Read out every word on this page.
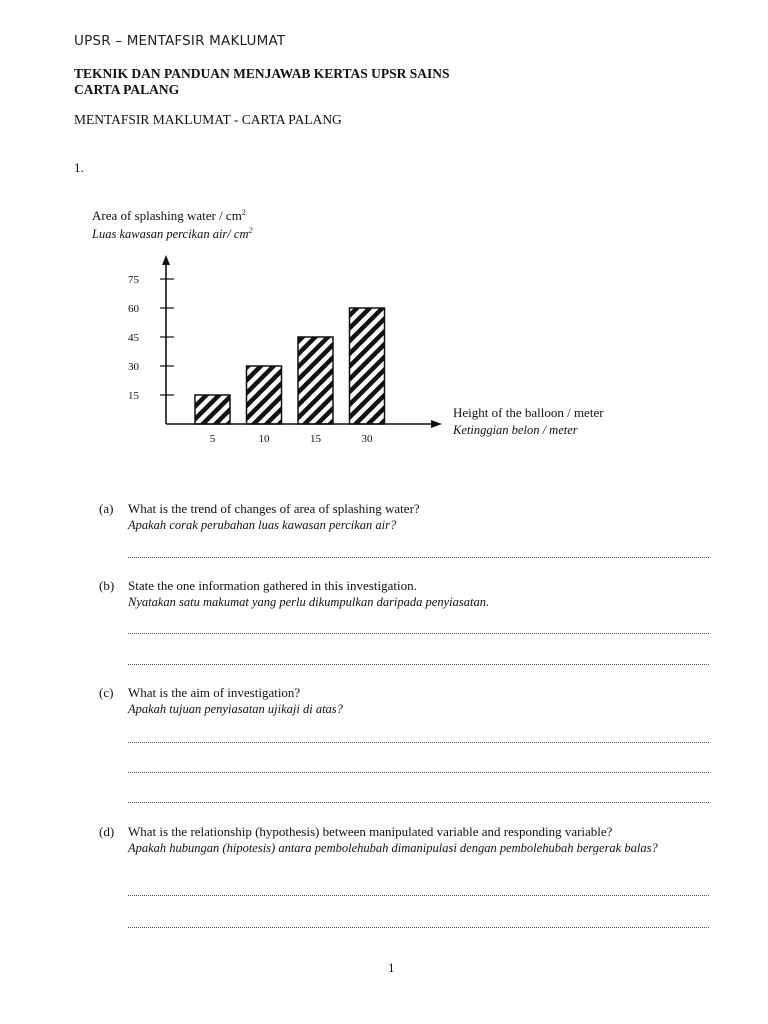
UPSR – MENTAFSIR MAKLUMAT
TEKNIK DAN PANDUAN MENJAWAB KERTAS UPSR SAINS
CARTA PALANG
MENTAFSIR MAKLUMAT - CARTA PALANG
1.
Area of splashing water / $cm^2$
Luas kawasan percikan air/ $cm^2$
Height of the balloon / meter
Ketinggian belon / meter
15
30
45
60
75
5	10	15	30
(a) What is the trend of changes of area of splashing water?
Apakah corak perubahan luas kawasan percikan air?
(b) State the one information gathered in this investigation.
Nyatakan satu makumat yang perlu dikumpulkan daripada penyiasatan.
(c) What is the aim of investigation?
Apakah tujuan penyiasatan ujikaji di atas?
(d) What is the relationship (hypothesis) between manipulated variable and responding variable?
Apakah hubungan (hipotesis) antara pembolehubah dimanipulasi dengan pembolehubah bergerak balas?
1
